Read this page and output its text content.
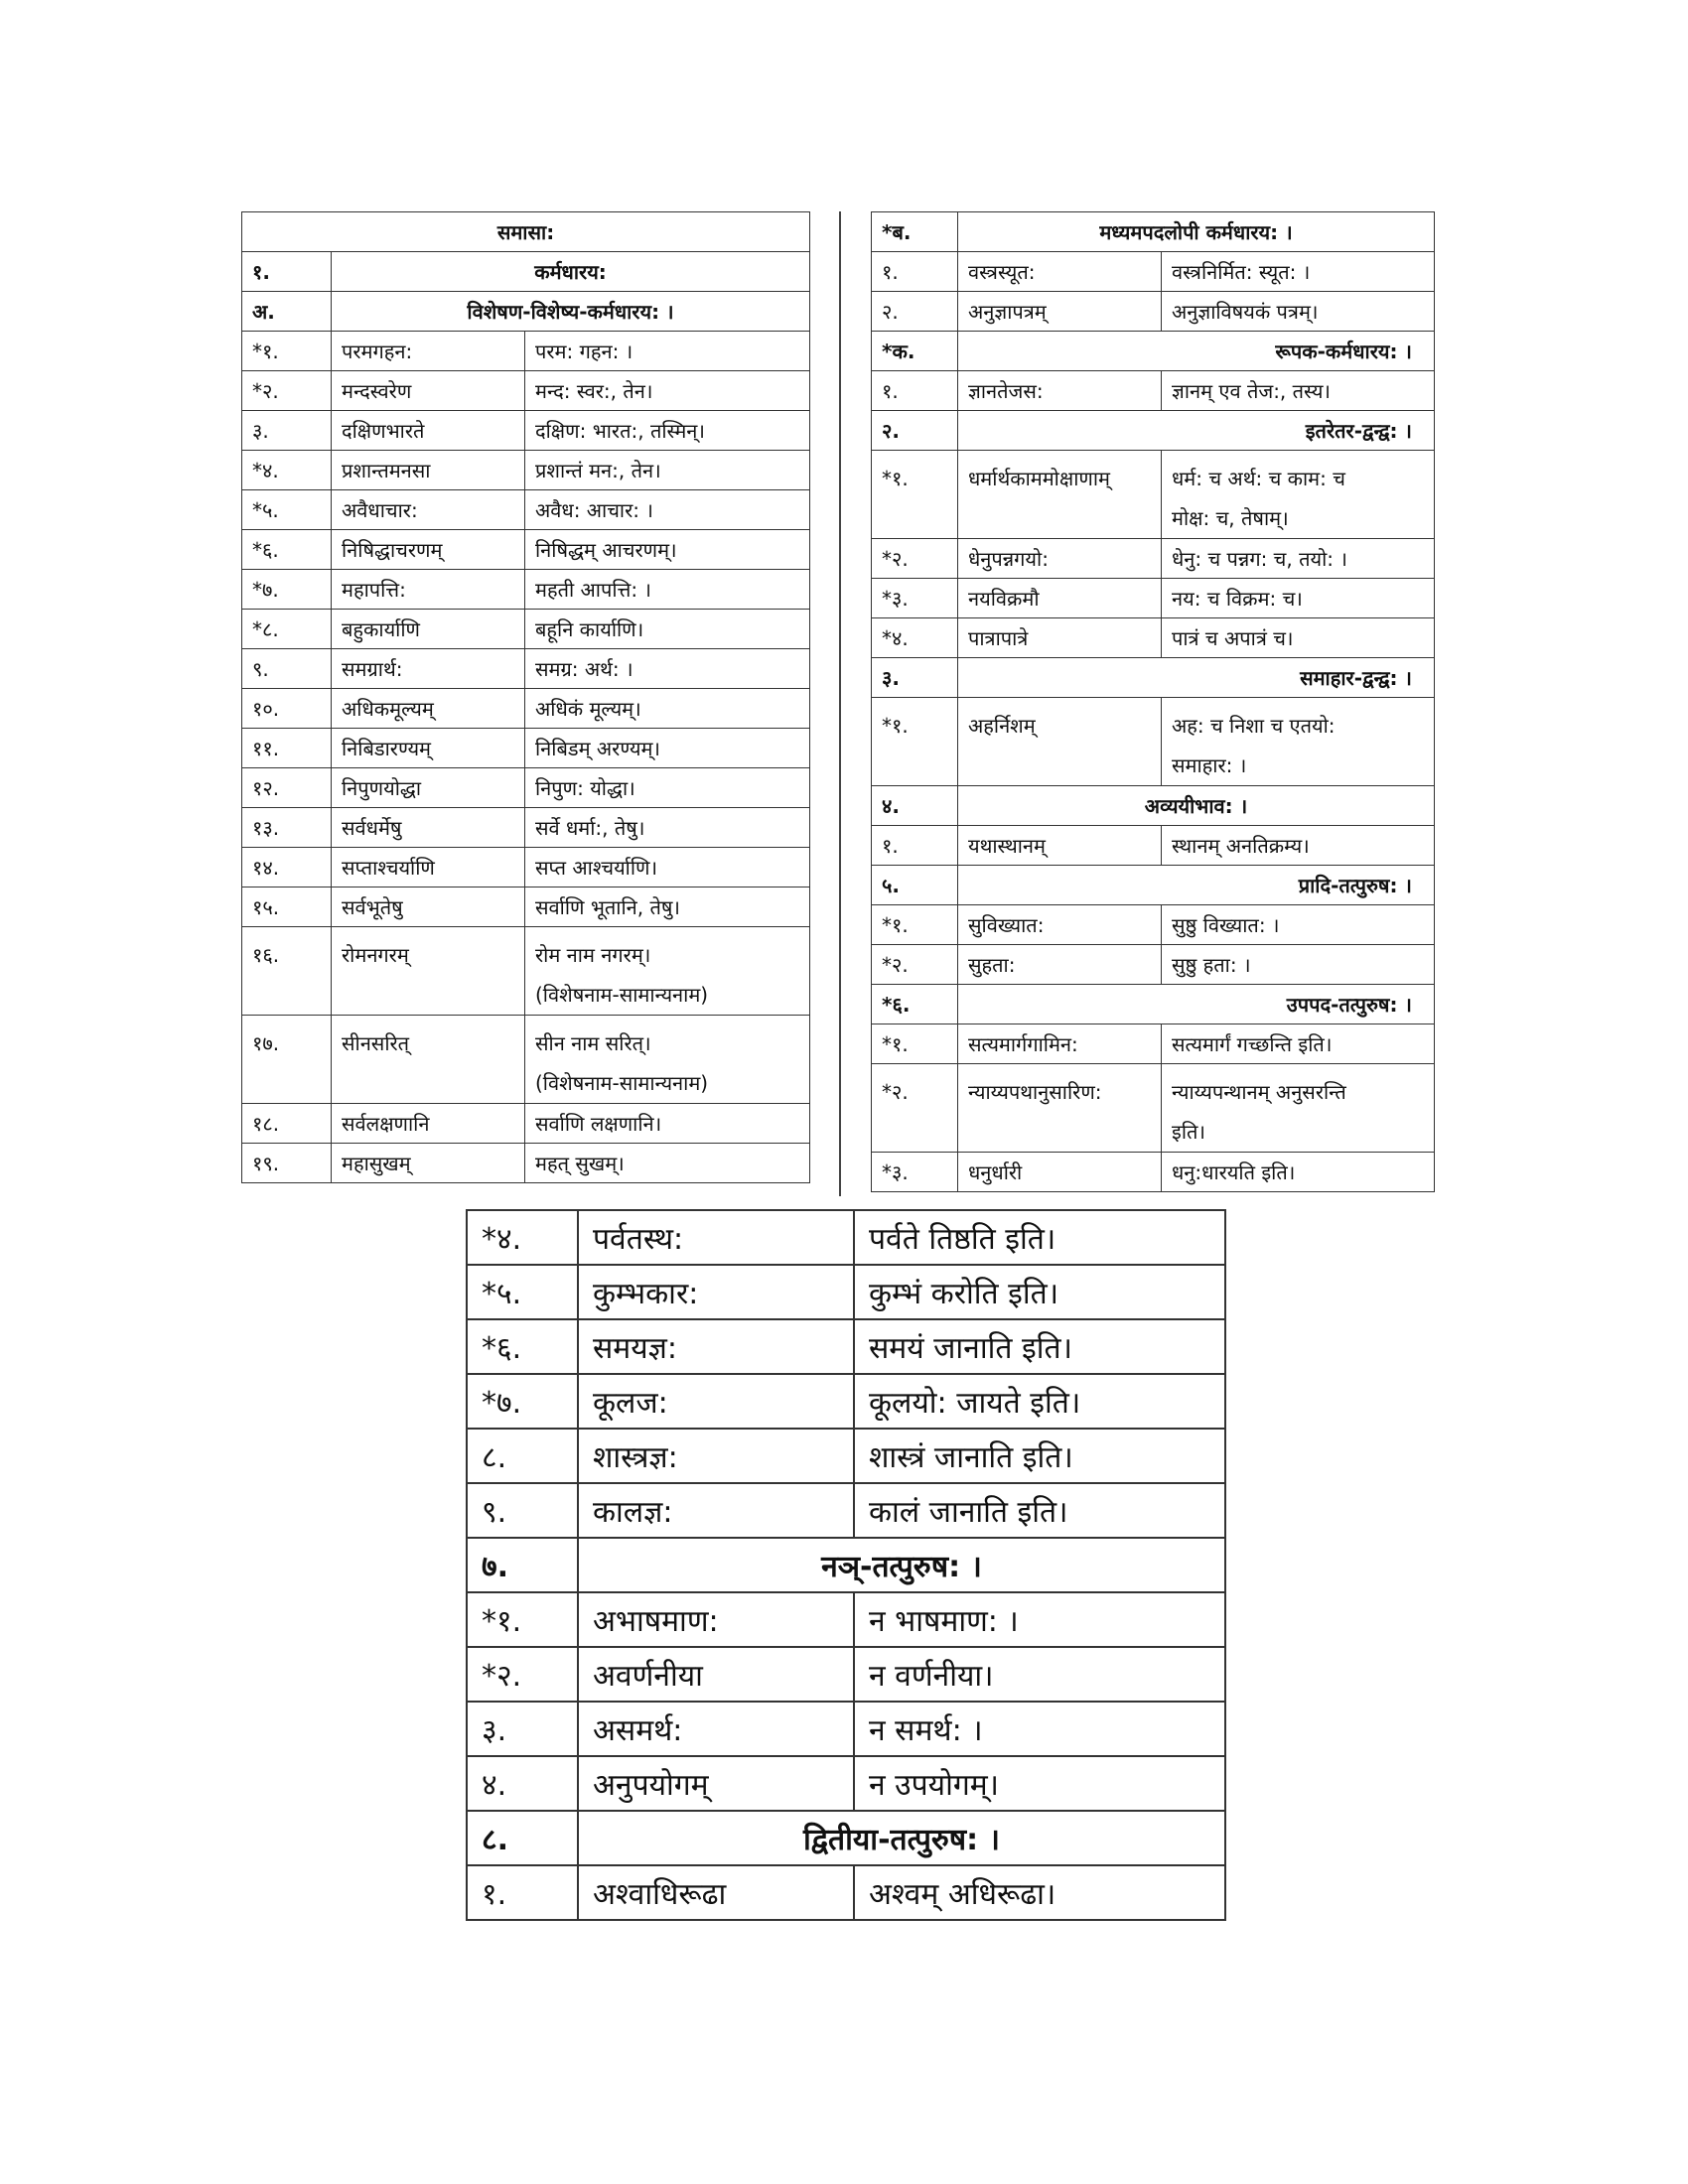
समासा:		
१.	कर्मधारय:	
अ.	विशेषण-विशेष्य-कर्मधारय: ।	
*१.	परमगहन:	परम: गहन: ।
*२.	मन्दस्वरेण	मन्द: स्वर:, तेन।
३.	दक्षिणभारते	दक्षिण: भारत:, तस्मिन्।
*४.	प्रशान्तमनसा	प्रशान्तं मन:, तेन।
*५.	अवैधाचार:	अवैध: आचार: ।
*६.	निषिद्धाचरणम्	निषिद्धम् आचरणम्।
*७.	महापत्ति:	महती आपत्ति: ।
*८.	बहुकार्याणि	बहूनि कार्याणि।
९.	समग्रार्थ:	समग्र: अर्थ: ।
१०.	अधिकमूल्यम्	अधिकं मूल्यम्।
११.	निबिडारण्यम्	निबिडम् अरण्यम्।
१२.	निपुणयोद्धा	निपुण: योद्धा।
१३.	सर्वधर्मेषु	सर्वे धर्मा:, तेषु।
१४.	सप्ताश्चर्याणि	सप्त आश्चर्याणि।
१५.	सर्वभूतेषु	सर्वाणि भूतानि, तेषु।
१६.	रोमनगरम्	रोम नाम नगरम्।
(विशेषनाम-सामान्यनाम)
१७.	सीनसरित्	सीन नाम सरित्।
(विशेषनाम-सामान्यनाम)
१८.	सर्वलक्षणानि	सर्वाणि लक्षणानि।
१९.	महासुखम्	महत् सुखम्।
*ब.	मध्यमपदलोपी कर्मधारय: ।	
१.	वस्त्रस्यूत:	वस्त्रनिर्मित: स्यूत: ।
२.	अनुज्ञापत्रम्	अनुज्ञाविषयकं पत्रम्।
*क.	रूपक-कर्मधारय: ।	
१.	ज्ञानतेजस:	ज्ञानम् एव तेज:, तस्य।
२.	इतरेतर-द्वन्द्व: ।	
*१.	धर्मार्थकाममोक्षाणाम्	धर्म: च अर्थ: च काम: च
मोक्ष: च, तेषाम्।
*२.	धेनुपन्नगयो:	धेनु: च पन्नग: च, तयो: ।
*३.	नयविक्रमौ	नय: च विक्रम: च।
*४.	पात्रापात्रे	पात्रं च अपात्रं च।
३.	समाहार-द्वन्द्व: ।	
*१.	अहर्निशम्	अह: च निशा च एतयो:
समाहार: ।
४.	अव्ययीभाव: ।	
१.	यथास्थानम्	स्थानम् अनतिक्रम्य।
५.	प्रादि-तत्पुरुष: ।	
*१.	सुविख्यात:	सुष्ठु विख्यात: ।
*२.	सुहता:	सुष्ठु हता: ।
*६.	उपपद-तत्पुरुष: ।	
*१.	सत्यमार्गगामिन:	सत्यमार्गं गच्छन्ति इति।
*२.	न्याय्यपथानुसारिण:	न्याय्यपन्थानम् अनुसरन्ति
इति।
*३.	धनुर्धारी	धनु:धारयति इति।
*४.	पर्वतस्थ:	पर्वते तिष्ठति इति।
*५.	कुम्भकार:	कुम्भं करोति इति।
*६.	समयज्ञ:	समयं जानाति इति।
*७.	कूलज:	कूलयो: जायते इति।
८.	शास्त्रज्ञ:	शास्त्रं जानाति इति।
९.	कालज्ञ:	कालं जानाति इति।
७.	नञ्-तत्पुरुष: ।	
*१.	अभाषमाण:	न भाषमाण: ।
*२.	अवर्णनीया	न वर्णनीया।
३.	असमर्थ:	न समर्थ: ।
४.	अनुपयोगम्	न उपयोगम्।
८.	द्वितीया-तत्पुरुष: ।	
१.	अश्वाधिरूढा	अश्वम् अधिरूढा।
